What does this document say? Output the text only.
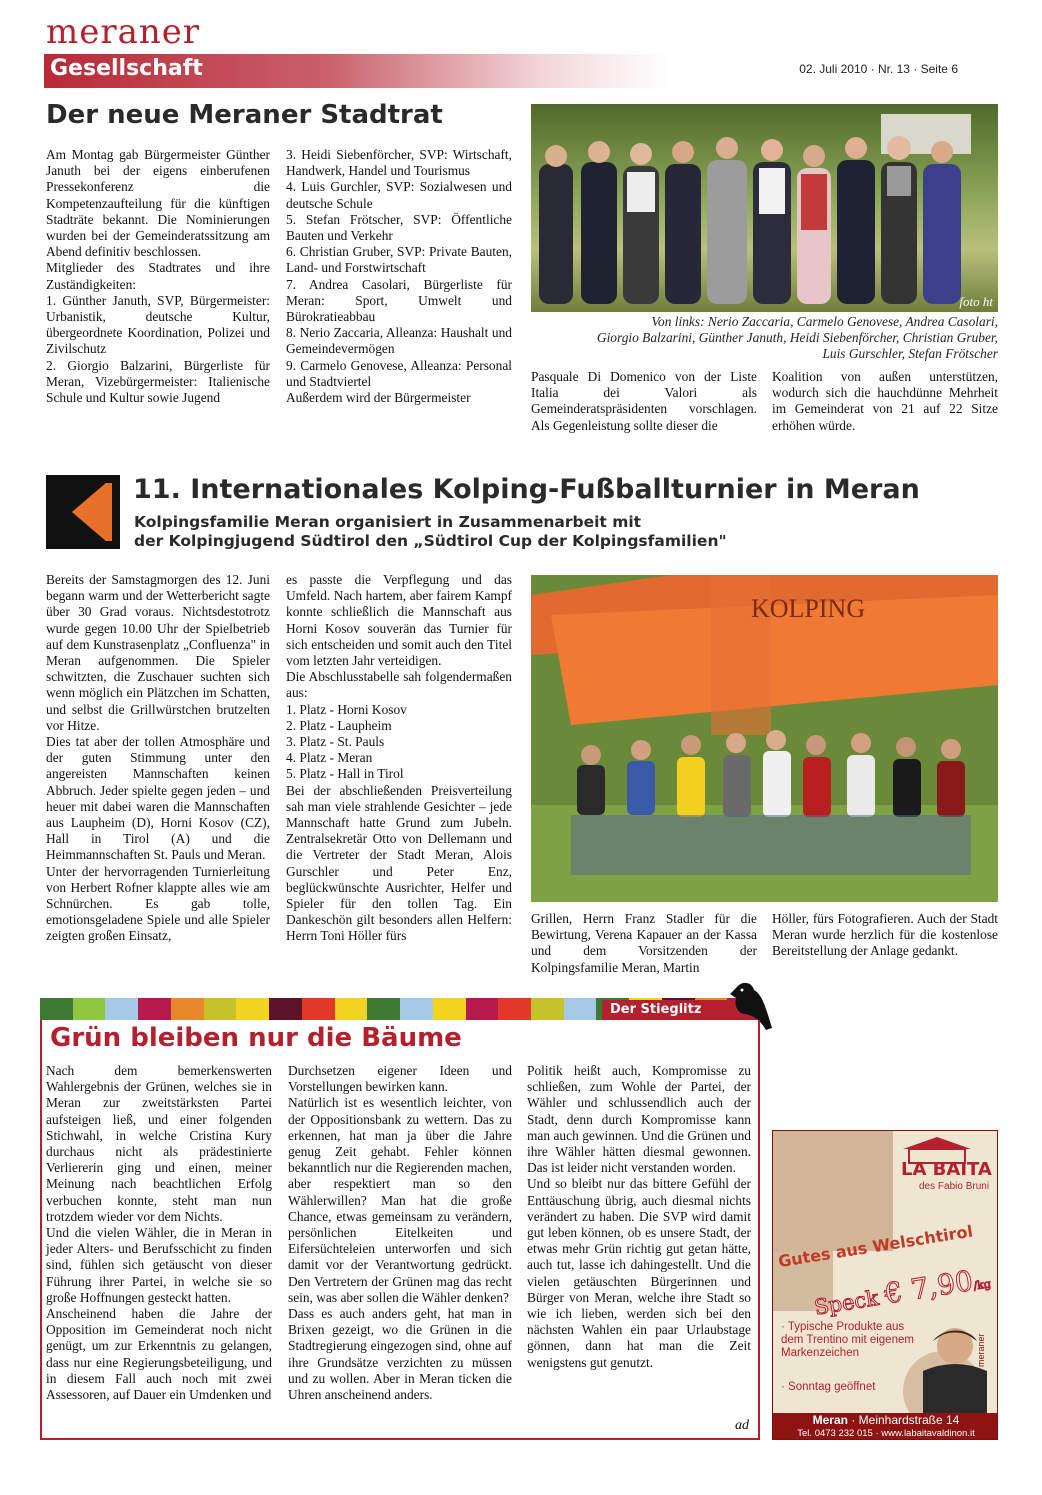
meraner
Gesellschaft	02. Juli 2010 · Nr. 13 · Seite 6
Der neue Meraner Stadtrat
Am Montag gab Bürgermeister Günther Januth bei der eigens einberufenen Pressekonferenz die Kompetenzaufteilung für die künftigen Stadträte bekannt. Die Nominierungen wurden bei der Gemeinderatssitzung am Abend definitiv beschlossen.
Mitglieder des Stadtrates und ihre Zuständigkeiten:
1. Günther Januth, SVP, Bürgermeister: Urbanistik, deutsche Kultur, übergeordnete Koordination, Polizei und Zivilschutz
2. Giorgio Balzarini, Bürgerliste für Meran, Vizebürgermeister: Italienische Schule und Kultur sowie Jugend
3. Heidi Siebenförcher, SVP: Wirtschaft, Handwerk, Handel und Tourismus
4. Luis Gurchler, SVP: Sozialwesen und deutsche Schule
5. Stefan Frötscher, SVP: Öffentliche Bauten und Verkehr
6. Christian Gruber, SVP: Private Bauten, Land- und Forstwirtschaft
7. Andrea Casolari, Bürgerliste für Meran: Sport, Umwelt und Bürokratieabbau
8. Nerio Zaccaria, Alleanza: Haushalt und Gemeindevermögen
9. Carmelo Genovese, Alleanza: Personal und Stadtviertel
Außerdem wird der Bürgermeister
foto ht
Von links: Nerio Zaccaria, Carmelo Genovese, Andrea Casolari,
Giorgio Balzarini, Günther Januth, Heidi Siebenförcher, Christian Gruber,
Luis Gurschler, Stefan Frötscher
Pasquale Di Domenico von der Liste Italia dei Valori als Gemeinderatspräsidenten vorschlagen. Als Gegenleistung sollte dieser die
Koalition von außen unterstützen, wodurch sich die hauchdünne Mehrheit im Gemeinderat von 21 auf 22 Sitze erhöhen würde.
11. Internationales Kolping-Fußballturnier in Meran
Kolpingsfamilie Meran organisiert in Zusammenarbeit mit
der Kolpingjugend Südtirol den „Südtirol Cup der Kolpingsfamilien"
Bereits der Samstagmorgen des 12. Juni begann warm und der Wetterbericht sagte über 30 Grad voraus. Nichtsdestotrotz wurde gegen 10.00 Uhr der Spielbetrieb auf dem Kunstrasenplatz „Confluenza" in Meran aufgenommen. Die Spieler schwitzten, die Zuschauer suchten sich wenn möglich ein Plätzchen im Schatten, und selbst die Grillwürstchen brutzelten vor Hitze.
Dies tat aber der tollen Atmosphäre und der guten Stimmung unter den angereisten Mannschaften keinen Abbruch. Jeder spielte gegen jeden – und heuer mit dabei waren die Mannschaften aus Laupheim (D), Horni Kosov (CZ), Hall in Tirol (A) und die Heimmannschaften St. Pauls und Meran.
Unter der hervorragenden Turnierleitung von Herbert Rofner klappte alles wie am Schnürchen. Es gab tolle, emotionsgeladene Spiele und alle Spieler zeigten großen Einsatz,
es passte die Verpflegung und das Umfeld. Nach hartem, aber fairem Kampf konnte schließlich die Mannschaft aus Horni Kosov souverän das Turnier für sich entscheiden und somit auch den Titel vom letzten Jahr verteidigen.
Die Abschlusstabelle sah folgendermaßen aus:
1. Platz - Horni Kosov
2. Platz - Laupheim
3. Platz - St. Pauls
4. Platz - Meran
5. Platz - Hall in Tirol
Bei der abschließenden Preisverteilung sah man viele strahlende Gesichter – jede Mannschaft hatte Grund zum Jubeln. Zentralsekretär Otto von Dellemann und die Vertreter der Stadt Meran, Alois Gurschler und Peter Enz, beglückwünschte Ausrichter, Helfer und Spieler für den tollen Tag. Ein Dankeschön gilt besonders allen Helfern: Herrn Toni Höller fürs
KOLPING
Grillen, Herrn Franz Stadler für die Bewirtung, Verena Kapauer an der Kassa und dem Vorsitzenden der Kolpingsfamilie Meran, Martin
Höller, fürs Fotografieren. Auch der Stadt Meran wurde herzlich für die kostenlose Bereitstellung der Anlage gedankt.
Der Stieglitz
Grün bleiben nur die Bäume
Nach dem bemerkenswerten Wahlergebnis der Grünen, welches sie in Meran zur zweitstärksten Partei aufsteigen ließ, und einer folgenden Stichwahl, in welche Cristina Kury durchaus nicht als prädestinierte Verliererin ging und einen, meiner Meinung nach beachtlichen Erfolg verbuchen konnte, steht man nun trotzdem wieder vor dem Nichts.
Und die vielen Wähler, die in Meran in jeder Alters- und Berufsschicht zu finden sind, fühlen sich getäuscht von dieser Führung ihrer Partei, in welche sie so große Hoffnungen gesteckt hatten.
Anscheinend haben die Jahre der Opposition im Gemeinderat noch nicht genügt, um zur Erkenntnis zu gelangen, dass nur eine Regierungsbeteiligung, und in diesem Fall auch noch mit zwei Assessoren, auf Dauer ein Umdenken und
Durchsetzen eigener Ideen und Vorstellungen bewirken kann.
Natürlich ist es wesentlich leichter, von der Oppositionsbank zu wettern. Das zu erkennen, hat man ja über die Jahre genug Zeit gehabt. Fehler können bekanntlich nur die Regierenden machen, aber respektiert man so den Wählerwillen? Man hat die große Chance, etwas gemeinsam zu verändern, persönlichen Eitelkeiten und Eifersüchteleien unterworfen und sich damit vor der Verantwortung gedrückt. Den Vertretern der Grünen mag das recht sein, was aber sollen die Wähler denken?
Dass es auch anders geht, hat man in Brixen gezeigt, wo die Grünen in die Stadtregierung eingezogen sind, ohne auf ihre Grundsätze verzichten zu müssen und zu wollen. Aber in Meran ticken die Uhren anscheinend anders.
Politik heißt auch, Kompromisse zu schließen, zum Wohle der Partei, der Wähler und schlussendlich auch der Stadt, denn durch Kompromisse kann man auch gewinnen. Und die Grünen und ihre Wähler hätten diesmal gewonnen. Das ist leider nicht verstanden worden.
Und so bleibt nur das bittere Gefühl der Enttäuschung übrig, auch diesmal nichts verändert zu haben. Die SVP wird damit gut leben können, ob es unsere Stadt, der etwas mehr Grün richtig gut getan hätte, auch tut, lasse ich dahingestellt. Und die vielen getäuschten Bürgerinnen und Bürger von Meran, welche ihre Stadt so wie ich lieben, werden sich bei den nächsten Wahlen ein paar Urlaubstage gönnen, dann hat man die Zeit wenigstens gut genutzt.
ad
LA BAITA
des Fabio Bruni
Gutes aus Welschtirol
Speck € 7,90/kg
· Typische Produkte aus dem Trentino mit eigenem Markenzeichen
· Sonntag geöffnet
meraner
Meran · Meinhardstraße 14
Tel. 0473 232 015 · www.labaitavaldinon.it
